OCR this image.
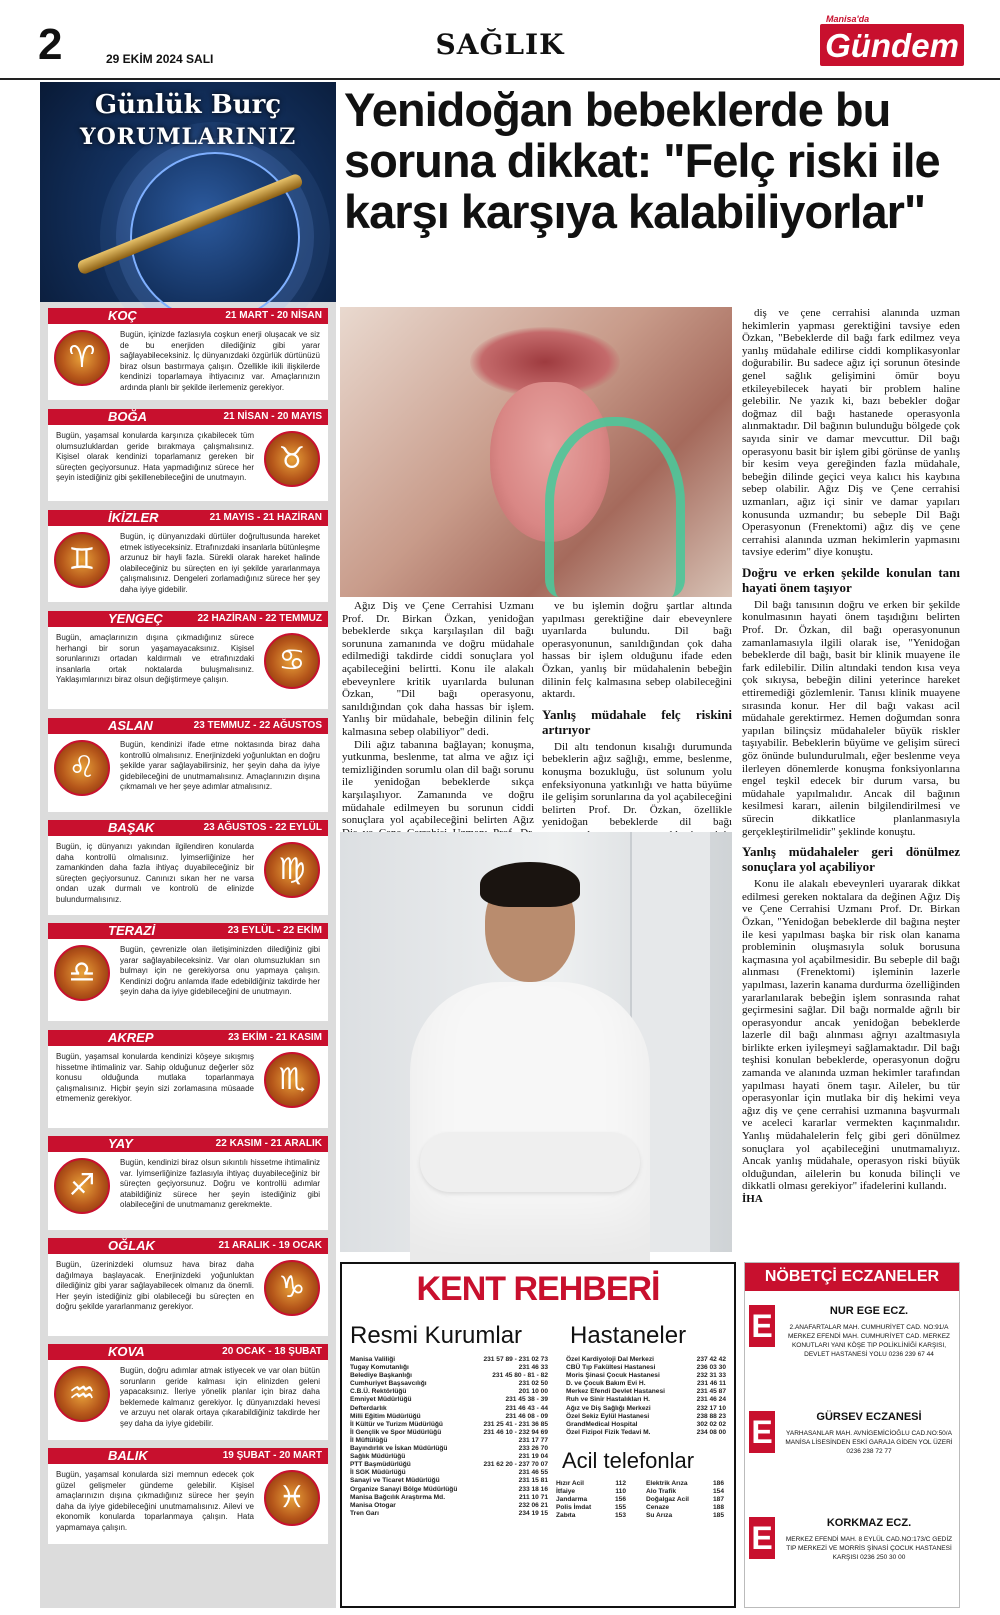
2	29 EKİM 2024 SALI	SAĞLIK
Manisa'da
Gündem
Günlük Burç
YORUMLARINIZ
KOÇ	21 MART - 20 NİSAN
♈
Bugün, içinizde fazlasıyla coşkun enerji oluşacak ve siz de bu enerjiden dilediğiniz gibi yarar sağlayabileceksiniz. İç dünyanızdaki özgürlük dürtünüzü biraz olsun bastırmaya çalışın. Özellikle ikili ilişkilerde kendinizi toparlamaya ihtiyacınız var. Amaçlarınızın ardında planlı bir şekilde ilerlemeniz gerekiyor.
BOĞA	21 NİSAN - 20 MAYIS
♉
Bugün, yaşamsal konularda karşınıza çıkabilecek tüm olumsuzluklardan geride bırakmaya çalışmalısınız. Kişisel olarak kendinizi toparlamanız gereken bir süreçten geçiyorsunuz. Hata yapmadığınız sürece her şeyin istediğiniz gibi şekillenebileceğini de unutmayın.
İKİZLER	21 MAYIS - 21 HAZİRAN
♊
Bugün, iç dünyanızdaki dürtüler doğrultusunda hareket etmek istiyeceksiniz. Etrafınızdaki insanlarla bütünleşme arzunuz bir hayli fazla. Sürekli olarak hareket halinde olabileceğiniz bu süreçten en iyi şekilde yararlanmaya çalışmalısınız. Dengeleri zorlamadığınız sürece her şey daha iyiye gidebilir.
YENGEÇ	22 HAZİRAN - 22 TEMMUZ
♋
Bugün, amaçlarınızın dışına çıkmadığınız sürece herhangi bir sorun yaşamayacaksınız. Kişisel sorunlarınızı ortadan kaldırmalı ve etrafınızdaki insanlarla ortak noktalarda buluşmalısınız. Yaklaşımlarınızı biraz olsun değiştirmeye çalışın.
ASLAN	23 TEMMUZ - 22 AĞUSTOS
♌
Bugün, kendinizi ifade etme noktasında biraz daha kontrollü olmalısınız. Enerjinizdeki yoğunluktan en doğru şekilde yarar sağlayabilirsiniz, her şeyin daha da iyiye gidebileceğini de unutmamalısınız. Amaçlarınızın dışına çıkmamalı ve her şeye adımlar atmalısınız.
BAŞAK	23 AĞUSTOS - 22 EYLÜL
♍
Bugün, iç dünyanızı yakından ilgilendiren konularda daha kontrollü olmalısınız. İyimserliğinize her zamankinden daha fazla ihtiyaç duyabileceğiniz bir süreçten geçiyorsunuz. Canınızı sıkan her ne varsa ondan uzak durmalı ve kontrolü de elinizde bulundurmalısınız.
TERAZİ	23 EYLÜL - 22 EKİM
♎
Bugün, çevrenizle olan iletişiminizden dilediğiniz gibi yarar sağlayabileceksiniz. Var olan olumsuzlukları sın bulmayı için ne gerekiyorsa onu yapmaya çalışın. Kendinizi doğru anlamda ifade edebildiğiniz takdirde her şeyin daha da iyiye gidebileceğini de unutmayın.
AKREP	23 EKİM - 21 KASIM
♏
Bugün, yaşamsal konularda kendinizi köşeye sıkışmış hissetme ihtimaliniz var. Sahip olduğunuz değerler söz konusu olduğunda mutlaka toparlanmaya çalışmalısınız. Hiçbir şeyin sizi zorlamasına müsaade etmemeniz gerekiyor.
YAY	22 KASIM - 21 ARALIK
♐
Bugün, kendinizi biraz olsun sıkıntılı hissetme ihtimaliniz var. İyimserliğinize fazlasıyla ihtiyaç duyabileceğiniz bir süreçten geçiyorsunuz. Doğru ve kontrollü adımlar atabildiğiniz sürece her şeyin istediğiniz gibi olabileceğini de unutmamanız gerekmekte.
OĞLAK	21 ARALIK - 19 OCAK
♑
Bugün, üzerinizdeki olumsuz hava biraz daha dağılmaya başlayacak. Enerjinizdeki yoğunluktan dilediğiniz gibi yarar sağlayabilecek olmanız da önemli. Her şeyin istediğiniz gibi olabileceği bu süreçten en doğru şekilde yararlanmanız gerekiyor.
KOVA	20 OCAK - 18 ŞUBAT
♒
Bugün, doğru adımlar atmak istiyecek ve var olan bütün sorunların geride kalması için elinizden geleni yapacaksınız. İleriye yönelik planlar için biraz daha beklemede kalmanız gerekiyor. İç dünyanızdaki hevesi ve arzuyu net olarak ortaya çıkarabildiğiniz takdirde her şey daha da iyiye gidebilir.
BALIK	19 ŞUBAT - 20 MART
♓
Bugün, yaşamsal konularda sizi memnun edecek çok güzel gelişmeler gündeme gelebilir. Kişisel amaçlarınızın dışına çıkmadığınız sürece her şeyin daha da iyiye gidebileceğini unutmamalısınız. Ailevi ve ekonomik konularda toparlanmaya çalışın. Hata yapmamaya çalışın.
Yenidoğan bebeklerde bu soruna dikkat: "Felç riski ile karşı karşıya kalabiliyorlar"

Ağız Diş ve Çene Cerrahisi Uzmanı Prof. Dr. Birkan Özkan, yenidoğan bebeklerde sıkça karşılaşılan dil bağı sorununa zamanında ve doğru müdahale edilmediği takdirde ciddi sonuçlara yol açabileceğini belirtti. Konu ile alakalı ebeveynlere kritik uyarılarda bulunan Özkan, "Dil bağı operasyonu, sanıldığından çok daha hassas bir işlem. Yanlış bir müdahale, bebeğin dilinin felç kalmasına sebep olabiliyor" dedi.

Dili ağız tabanına bağlayan; konuşma, yutkunma, beslenme, tat alma ve ağız içi temizliğinden sorumlu olan dil bağı sorunu ile yenidoğan bebeklerde sıkça karşılaşılıyor. Zamanında ve doğru müdahale edilmeyen bu sorunun ciddi sonuçlara yol açabileceğini belirten Ağız

ve bu işlemin doğru şartlar altında yapılması gerektiğine dair ebeveynlere uyarılarda bulundu. Dil bağı operasyonunun, sanıldığından çok daha hassas bir işlem olduğunu ifade eden Özkan, yanlış bir müdahalenin bebeğin dilinin felç kalmasına sebep olabileceğini aktardı.

Yanlış müdahale felç riskini artırıyor

Dil altı tendonun kısalığı durumunda bebeklerin ağız sağlığı, emme, beslenme, konuşma bozukluğu, üst solunum yolu enfeksiyonuna yatkınlığı ve hatta büyüme ile gelişim sorunlarına da yol açabileceğini belirten Prof. Dr. Özkan, özellikle yenidoğan bebeklerde dil bağı

diş ve çene cerrahisi alanında uzman hekimlerin yapması gerektiğini tavsiye eden Özkan, "Bebeklerde dil bağı fark edilmez veya yanlış müdahale edilirse ciddi komplikasyonlar doğurabilir. Bu sadece ağız içi sorunun ötesinde genel sağlık gelişimini ömür boyu etkileyebilecek hayati bir problem haline gelebilir. Ne yazık ki, bazı bebekler doğar doğmaz dil bağı hastanede operasyonla alınmaktadır. Dil bağının bulunduğu bölgede çok sayıda sinir ve damar mevcuttur. Dil bağı operasyonu basit bir işlem gibi görünse de yanlış bir kesim veya gereğinden fazla müdahale, bebeğin dilinde geçici veya kalıcı his kaybına sebep olabilir. Ağız Diş ve Çene cerrahisi uzmanları, ağız içi sinir ve damar yapıları konusunda uzmandır; bu sebeple Dil Bağı Operasyonun (Frenektomi) ağız diş ve çene cerrahisi alanında uzman hekimlerin yapmasını tavsiye ederim" diye konuştu.

Doğru ve erken şekilde konulan tanı hayati önem taşıyor

Dil bağı tanısının doğru ve erken bir şekilde konulmasının hayati önem taşıdığını belirten Prof. Dr. Özkan, dil bağı operasyonunun zamanlamasıyla ilgili olarak ise, "Yenidoğan bebeklerde dil bağı, basit bir klinik muayene ile fark edilebilir. Dilin altındaki tendon kısa veya çok sıkıysa, bebeğin dilini yeterince hareket ettiremediği gözlemlenir. Tanısı klinik muayene sırasında konur. Her dil bağı vakası acil müdahale gerektirmez. Hemen doğumdan sonra yapılan bilinçsiz müdahaleler büyük riskler taşıyabilir. Bebeklerin büyüme ve gelişim süreci göz önünde bulundurulmalı, eğer beslenme veya ilerleyen dönemlerde konuşma fonksiyonlarına engel teşkil edecek bir durum varsa, bu müdahale yapılmalıdır. Ancak dil bağının kesilmesi kararı, ailenin bilgilendirilmesi ve sürecin dikkatlice planlanmasıyla gerçekleştirilmelidir" şeklinde konuştu.

Yanlış müdahaleler geri dönülmez sonuçlara yol açabiliyor

Konu ile alakalı ebeveynleri uyararak dikkat edilmesi gereken noktalara da değinen Ağız Diş ve Çene Cerrahisi Uzmanı Prof. Dr. Birkan Özkan, "Yenidoğan bebeklerde dil bağına neşter ile kesi yapılması başka bir risk olan kanama probleminin oluşmasıyla soluk borusuna kaçmasına yol açabilmesidir. Bu sebeple dil bağı alınması (Frenektomi) işleminin lazerle yapılması, lazerin kanama durdurma özelliğinden yararlanılarak bebeğin işlem sonrasında rahat geçirmesini sağlar. Dil bağı normalde ağrılı bir operasyondur ancak yenidoğan bebeklerde lazerle dil bağı alınması ağrıyı azaltmasıyla birlikte erken iyileşmeyi sağlamaktadır. Dil bağı teşhisi konulan bebeklerde, operasyonun doğru zamanda ve alanında uzman hekimler tarafından yapılması hayati önem taşır. Aileler, bu tür operasyonlar için mutlaka bir diş hekimi veya ağız diş ve çene cerrahisi uzmanına başvurmalı ve aceleci kararlar vermekten kaçınmalıdır. Yanlış müdahalelerin felç gibi geri dönülmez sonuçlara yol açabileceğini unutmamalıyız. Ancak yanlış müdahale, operasyon riski büyük olduğundan, ailelerin bu konuda bilinçli ve dikkatli olması gerekiyor" ifadelerini kullandı.

İHA
KENT REHBERİ
Resmi Kurumlar Hastaneler
Manisa Valiliği	231 57 89 - 231 02 73
Tugay Komutanlığı	231 46 33
Belediye Başkanlığı	231 45 80 - 81 - 82
Cumhuriyet Başsavcılığı	231 02 50
C.B.Ü. Rektörlüğü	201 10 00
Emniyet Müdürlüğü	231 45 38 - 39
Defterdarlık	231 46 43 - 44
Milli Eğitim Müdürlüğü	231 46 08 - 09
İl Kültür ve Turizm Müdürlüğü	231 25 41 - 231 36 85
İl Gençlik ve Spor Müdürlüğü	231 46 10 - 232 94 69
İl Müftülüğü	231 17 77
Bayındırlık ve İskan Müdürlüğü	233 26 70
Sağlık Müdürlüğü	231 19 04
PTT Başmüdürlüğü	231 62 20 - 237 70 07
İl SGK Müdürlüğü	231 46 55
Sanayi ve Ticaret Müdürlüğü	231 15 81
Organize Sanayi Bölge Müdürlüğü	233 18 16
Manisa Bağcılık Araştırma Md.	211 10 71
Manisa Otogar	232 06 21
Tren Garı	234 19 15
Özel Kardiyoloji Dal Merkezi	237 42 42
CBÜ Tıp Fakültesi Hastanesi	236 03 30
Moris Şinasi Çocuk Hastanesi	232 31 33
D. ve Çocuk Bakım Evi H.	231 46 11
Merkez Efendi Devlet Hastanesi	231 45 87
Ruh ve Sinir Hastalıkları H.	231 46 24
Ağız ve Diş Sağlığı Merkezi	232 17 10
Özel Sekiz Eylül Hastanesi	238 88 23
GrandMedical Hospital	302 02 02
Özel Fizipol Fizik Tedavi M.	234 08 00
Acil telefonlar
Hızır Acil	112
İtfaiye	110
Jandarma	156
Polis İmdat	155
Zabıta	153
Elektrik Arıza	186
Alo Trafik	154
Doğalgaz Acil	187
Cenaze	188
Su Arıza	185
NÖBETÇİ ECZANELER
E	NUR EGE ECZ.
2.ANAFARTALAR MAH. CUMHURİYET CAD. NO:91/A MERKEZ EFENDİ MAH. CUMHURİYET CAD. MERKEZ KONUTLARI YANI KÖŞE TIP POLİKLİNİĞİ KARŞISI, DEVLET HASTANESİ YOLU 0236 239 67 44
E	GÜRSEV ECZANESİ
YARHASANLAR MAH. AVNİGEMİCİOĞLU CAD.NO:50/A MANİSA LİSESİNDEN ESKİ GARAJA GİDEN YOL ÜZERİ 0236 238 72 77
E	KORKMAZ ECZ.
MERKEZ EFENDİ MAH. 8 EYLÜL CAD.NO:173/C GEDİZ TIP MERKEZİ VE MORRİS ŞİNASİ ÇOCUK HASTANESİ KARŞISI 0236 250 30 00
